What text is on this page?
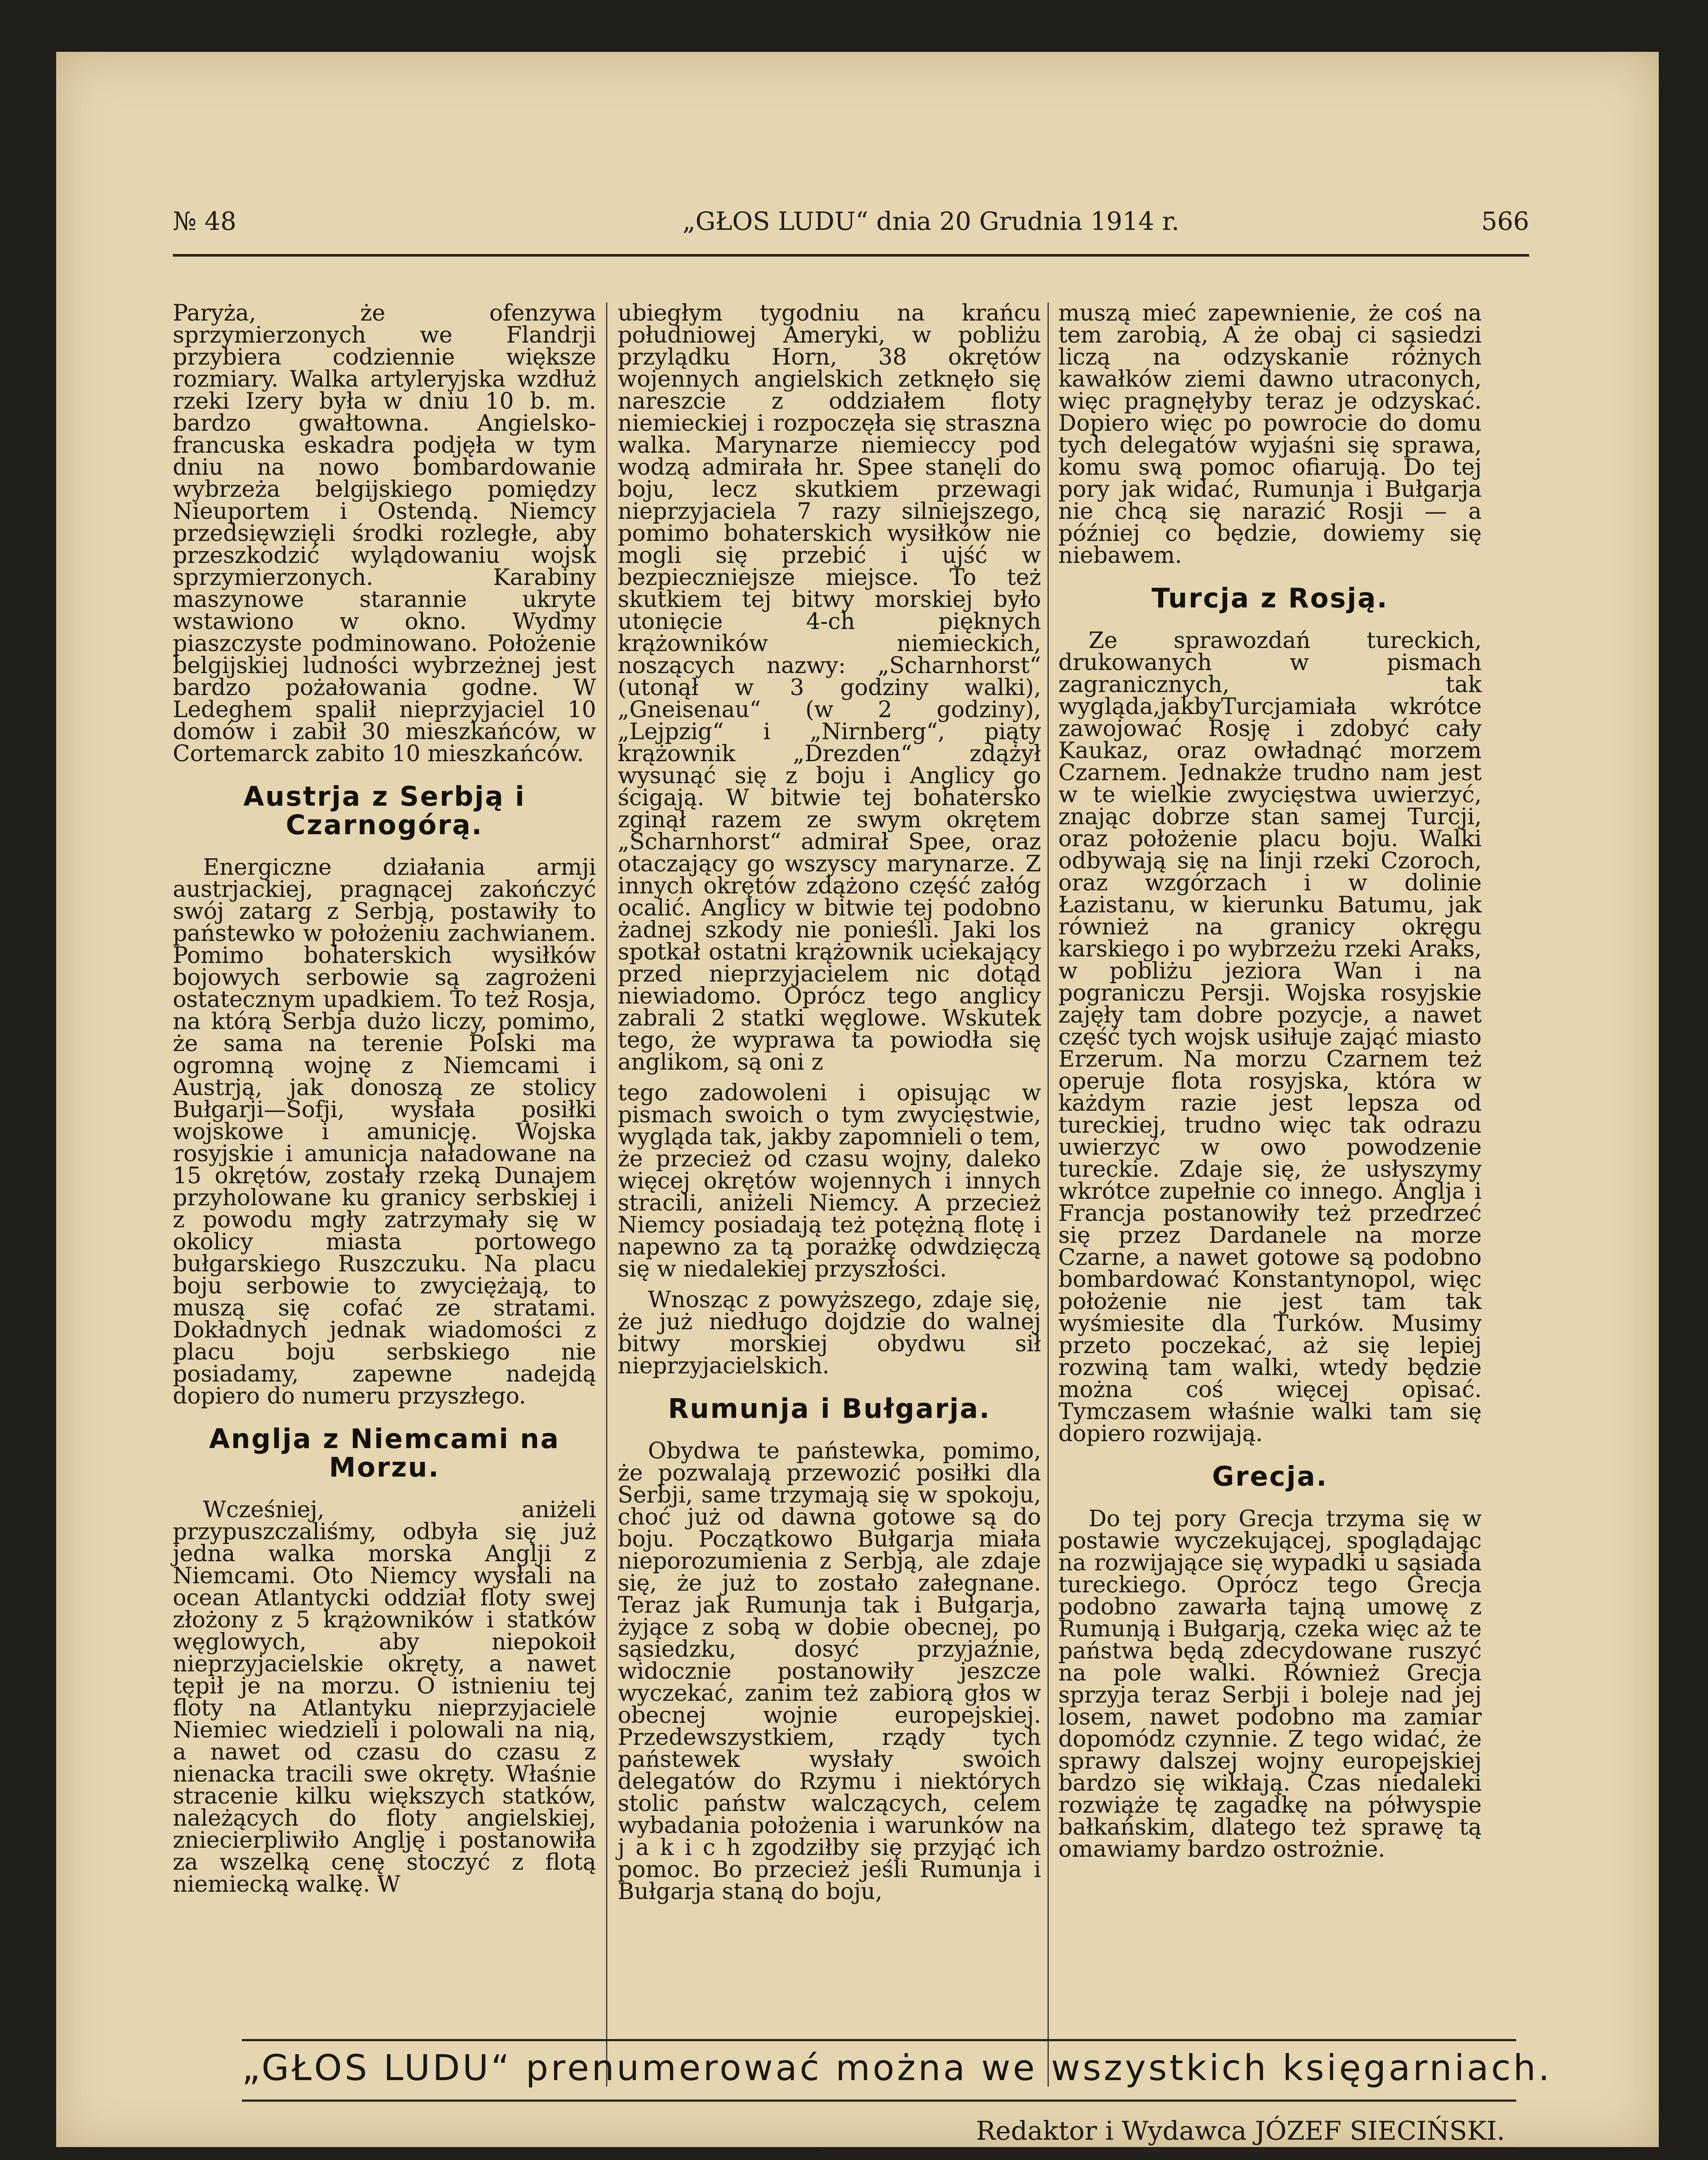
№ 48	„GŁOS LUDU“ dnia 20 Grudnia 1914 r.	566

Paryża, że ofenzywa sprzymierzonych we Flandrji przybiera codziennie większe rozmiary. Walka artyleryjska wzdłuż rzeki Izery była w dniu 10 b. m. bardzo gwałtowna. Angielsko-francuska eskadra podjęła w tym dniu na nowo bombardowanie wybrzeża belgijskiego pomiędzy Nieuportem i Ostendą. Niemcy przedsięwzięli środki rozległe, aby przeszkodzić wylądowaniu wojsk sprzymierzonych. Karabiny maszynowe starannie ukryte wstawiono w okno. Wydmy piaszczyste podminowano. Położenie belgijskiej ludności wybrzeżnej jest bardzo pożałowania godne. W Ledeghem spalił nieprzyjaciel 10 domów i zabił 30 mieszkańców, w Cortemarck zabito 10 mieszkańców.

Austrja z Serbją i Czarnogórą.

Energiczne działania armji austrjackiej, pragnącej zakończyć swój zatarg z Serbją, postawiły to państewko w położeniu zachwianem. Pomimo bohaterskich wysiłków bojowych serbowie są zagrożeni ostatecznym upadkiem. To też Rosja, na którą Serbja dużo liczy, pomimo, że sama na terenie Polski ma ogromną wojnę z Niemcami i Austrją, jak donoszą ze stolicy Bułgarji—Sofji, wysłała posiłki wojskowe i amunicję. Wojska rosyjskie i amunicja naładowane na 15 okrętów, zostały rzeką Dunajem przyholowane ku granicy serbskiej i z powodu mgły zatrzymały się w okolicy miasta portowego bułgarskiego Ruszczuku. Na placu boju serbowie to zwyciężają, to muszą się cofać ze stratami. Dokładnych jednak wiadomości z placu boju serbskiego nie posiadamy, zapewne nadejdą dopiero do numeru przyszłego.

Anglja z Niemcami na Morzu.

Wcześniej, aniżeli przypuszczaliśmy, odbyła się już jedna walka morska Anglji z Niemcami. Oto Niemcy wysłali na ocean Atlantycki oddział floty swej złożony z 5 krążowników i statków węglowych, aby niepokoił nieprzyjacielskie okręty, a nawet tępił je na morzu. O istnieniu tej floty na Atlantyku nieprzyjaciele Niemiec wiedzieli i polowali na nią, a nawet od czasu do czasu z nienacka tracili swe okręty. Właśnie stracenie kilku większych statków, należących do floty angielskiej, zniecierpliwiło Anglję i postanowiła za wszelką cenę stoczyć z flotą niemiecką walkę. W

ubiegłym tygodniu na krańcu południowej Ameryki, w pobliżu przylądku Horn, 38 okrętów wojennych angielskich zetknęło się nareszcie z oddziałem floty niemieckiej i rozpoczęła się straszna walka. Marynarze niemieccy pod wodzą admirała hr. Spee stanęli do boju, lecz skutkiem przewagi nieprzyjaciela 7 razy silniejszego, pomimo bohaterskich wysiłków nie mogli się przebić i ujść w bezpieczniejsze miejsce. To też skutkiem tej bitwy morskiej było utonięcie 4-ch pięknych krążowników niemieckich, noszących nazwy: „Scharnhorst“ (utonął w 3 godziny walki), „Gneisenau“ (w 2 godziny), „Lejpzig“ i „Nirnberg“, piąty krążownik „Drezden“ zdążył wysunąć się z boju i Anglicy go ścigają. W bitwie tej bohatersko zginął razem ze swym okrętem „Scharnhorst“ admirał Spee, oraz otaczający go wszyscy marynarze. Z innych okrętów zdążono część załóg ocalić. Anglicy w bitwie tej podobno żadnej szkody nie ponieśli. Jaki los spotkał ostatni krążownik uciekający przed nieprzyjacielem nic dotąd niewiadomo. Oprócz tego anglicy zabrali 2 statki węglowe. Wskutek tego, że wyprawa ta powiodła się anglikom, są oni z

tego zadowoleni i opisując w pismach swoich o tym zwycięstwie, wygląda tak, jakby zapomnieli o tem, że przecież od czasu wojny, daleko więcej okrętów wojennych i innych stracili, aniżeli Niemcy. A przecież Niemcy posiadają też potężną flotę i napewno za tą porażkę odwdzięczą się w niedalekiej przyszłości.

Wnosząc z powyższego, zdaje się, że już niedługo dojdzie do walnej bitwy morskiej obydwu sił nieprzyjacielskich.

Rumunja i Bułgarja.

Obydwa te państewka, pomimo, że pozwalają przewozić posiłki dla Serbji, same trzymają się w spokoju, choć już od dawna gotowe są do boju. Początkowo Bułgarja miała nieporozumienia z Serbją, ale zdaje się, że już to zostało załegnane. Teraz jak Rumunja tak i Bułgarja, żyjące z sobą w dobie obecnej, po sąsiedzku, dosyć przyjaźnie, widocznie postanowiły jeszcze wyczekać, zanim też zabiorą głos w obecnej wojnie europejskiej. Przedewszystkiem, rządy tych państewek wysłały swoich delegatów do Rzymu i niektórych stolic państw walczących, celem wybadania położenia i warunków na j a k i c h zgodziłby się przyjąć ich pomoc. Bo przecież jeśli Rumunja i Bułgarja staną do boju,

muszą mieć zapewnienie, że coś na tem zarobią, A że obaj ci sąsiedzi liczą na odzyskanie różnych kawałków ziemi dawno utraconych, więc pragnęłyby teraz je odzyskać. Dopiero więc po powrocie do domu tych delegatów wyjaśni się sprawa, komu swą pomoc ofiarują. Do tej pory jak widać, Rumunja i Bułgarja nie chcą się narazić Rosji — a później co będzie, dowiemy się niebawem.

Turcja z Rosją.

Ze sprawozdań tureckich, drukowanych w pismach zagranicznych, tak wygląda,jakbyTurcjamiała wkrótce zawojować Rosję i zdobyć cały Kaukaz, oraz owładnąć morzem Czarnem. Jednakże trudno nam jest w te wielkie zwycięstwa uwierzyć, znając dobrze stan samej Turcji, oraz położenie placu boju. Walki odbywają się na linji rzeki Czoroch, oraz wzgórzach i w dolinie Łazistanu, w kierunku Batumu, jak również na granicy okręgu karskiego i po wybrzeżu rzeki Araks, w pobliżu jeziora Wan i na pograniczu Persji. Wojska rosyjskie zajęły tam dobre pozycje, a nawet część tych wojsk usiłuje zająć miasto Erzerum. Na morzu Czarnem też operuje flota rosyjska, która w każdym razie jest lepsza od tureckiej, trudno więc tak odrazu uwierzyć w owo powodzenie tureckie. Zdaje się, że usłyszymy wkrótce zupełnie co innego. Anglja i Francja postanowiły też przedrzeć się przez Dardanele na morze Czarne, a nawet gotowe są podobno bombardować Konstantynopol, więc położenie nie jest tam tak wyśmiesite dla Turków. Musimy przeto poczekać, aż się lepiej rozwiną tam walki, wtedy będzie można coś więcej opisać. Tymczasem właśnie walki tam się dopiero rozwijają.

Grecja.

Do tej pory Grecja trzyma się w postawie wyczekującej, spoglądając na rozwijające się wypadki u sąsiada tureckiego. Oprócz tego Grecja podobno zawarła tajną umowę z Rumunją i Bułgarją, czeka więc aż te państwa będą zdecydowane ruszyć na pole walki. Również Grecja sprzyja teraz Serbji i boleje nad jej losem, nawet podobno ma zamiar dopomódz czynnie. Z tego widać, że sprawy dalszej wojny europejskiej bardzo się wikłają. Czas niedaleki rozwiąże tę zagadkę na półwyspie bałkańskim, dlatego też sprawę tą omawiamy bardzo ostrożnie.

„GŁOS LUDU“ prenumerować można we wszystkich księgarniach.
Redaktor i Wydawca JÓZEF SIECIŃSKI.
